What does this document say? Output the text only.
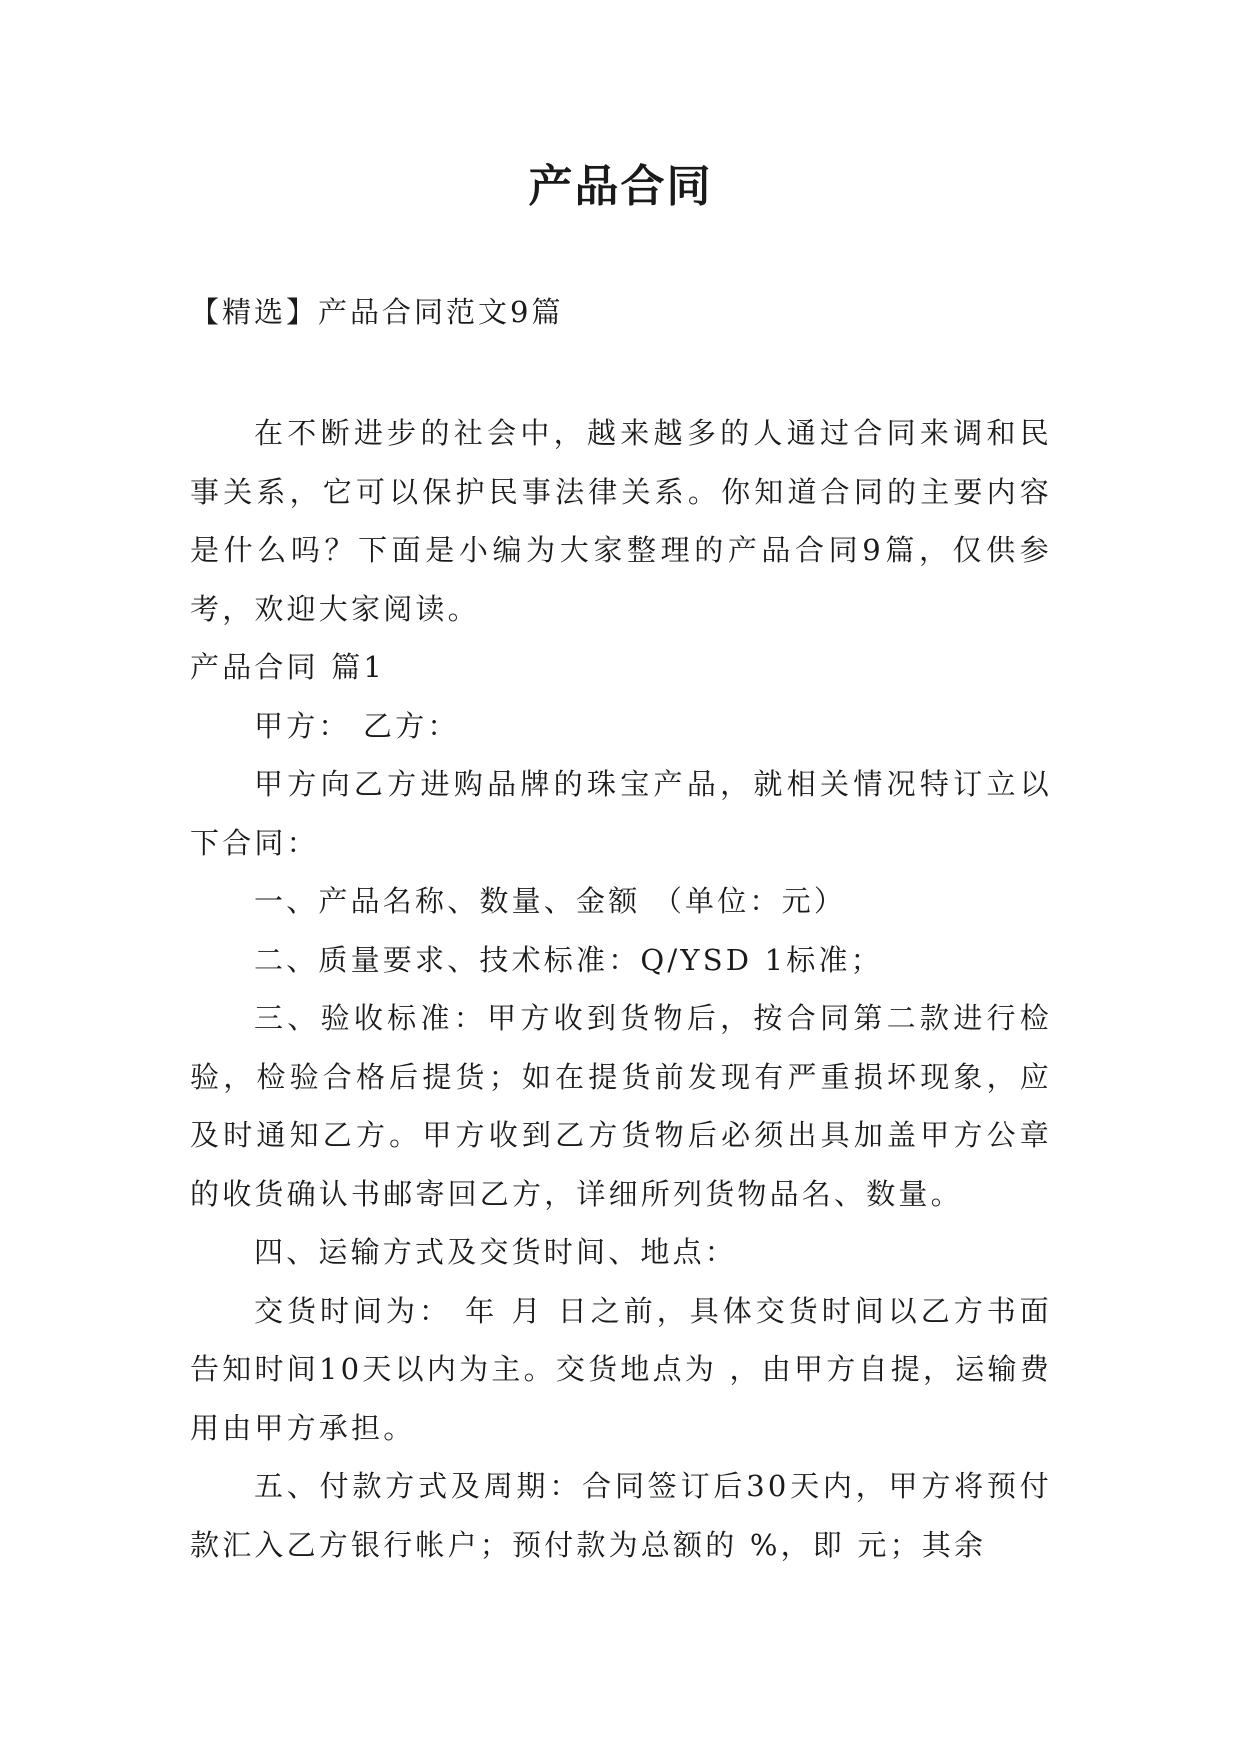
产品合同
【精选】产品合同范文9篇

在不断进步的社会中，越来越多的人通过合同来调和民事关系，它可以保护民事法律关系。你知道合同的主要内容是什么吗？下面是小编为大家整理的产品合同9篇，仅供参考，欢迎大家阅读。

产品合同 篇1

甲方： 乙方：

甲方向乙方进购品牌的珠宝产品，就相关情况特订立以下合同：

一、产品名称、数量、金额 （单位：元）

二、质量要求、技术标准：Q/YSD 1标准；

三、验收标准：甲方收到货物后，按合同第二款进行检验，检验合格后提货；如在提货前发现有严重损坏现象，应及时通知乙方。甲方收到乙方货物后必须出具加盖甲方公章的收货确认书邮寄回乙方，详细所列货物品名、数量。

四、运输方式及交货时间、地点：

交货时间为： 年 月 日之前，具体交货时间以乙方书面告知时间10天以内为主。交货地点为 ，由甲方自提，运输费用由甲方承担。

五、付款方式及周期：合同签订后30天内，甲方将预付款汇入乙方银行帐户；预付款为总额的 %，即 元；其余
